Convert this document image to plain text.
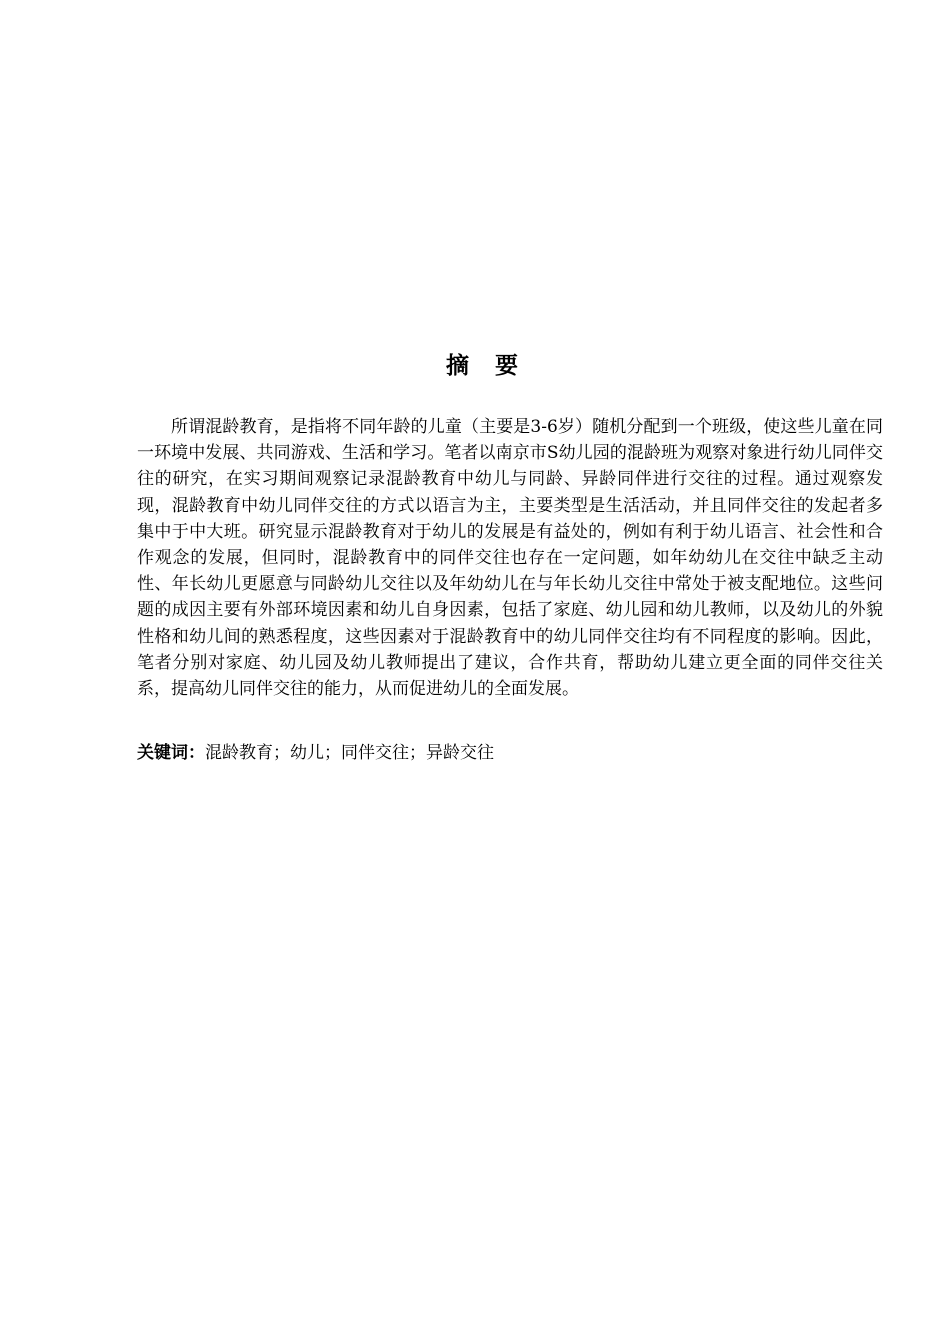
摘要

所谓混龄教育，是指将不同年龄的儿童（主要是3-6岁）随机分配到一个班级，使这些儿童在同一环境中发展、共同游戏、生活和学习。笔者以南京市S幼儿园的混龄班为观察对象进行幼儿同伴交往的研究，在实习期间观察记录混龄教育中幼儿与同龄、异龄同伴进行交往的过程。通过观察发现，混龄教育中幼儿同伴交往的方式以语言为主，主要类型是生活活动，并且同伴交往的发起者多集中于中大班。研究显示混龄教育对于幼儿的发展是有益处的，例如有利于幼儿语言、社会性和合作观念的发展，但同时，混龄教育中的同伴交往也存在一定问题，如年幼幼儿在交往中缺乏主动性、年长幼儿更愿意与同龄幼儿交往以及年幼幼儿在与年长幼儿交往中常处于被支配地位。这些问题的成因主要有外部环境因素和幼儿自身因素，包括了家庭、幼儿园和幼儿教师，以及幼儿的外貌性格和幼儿间的熟悉程度，这些因素对于混龄教育中的幼儿同伴交往均有不同程度的影响。因此，笔者分别对家庭、幼儿园及幼儿教师提出了建议，合作共育，帮助幼儿建立更全面的同伴交往关系，提高幼儿同伴交往的能力，从而促进幼儿的全面发展。

关键词：混龄教育；幼儿；同伴交往；异龄交往
